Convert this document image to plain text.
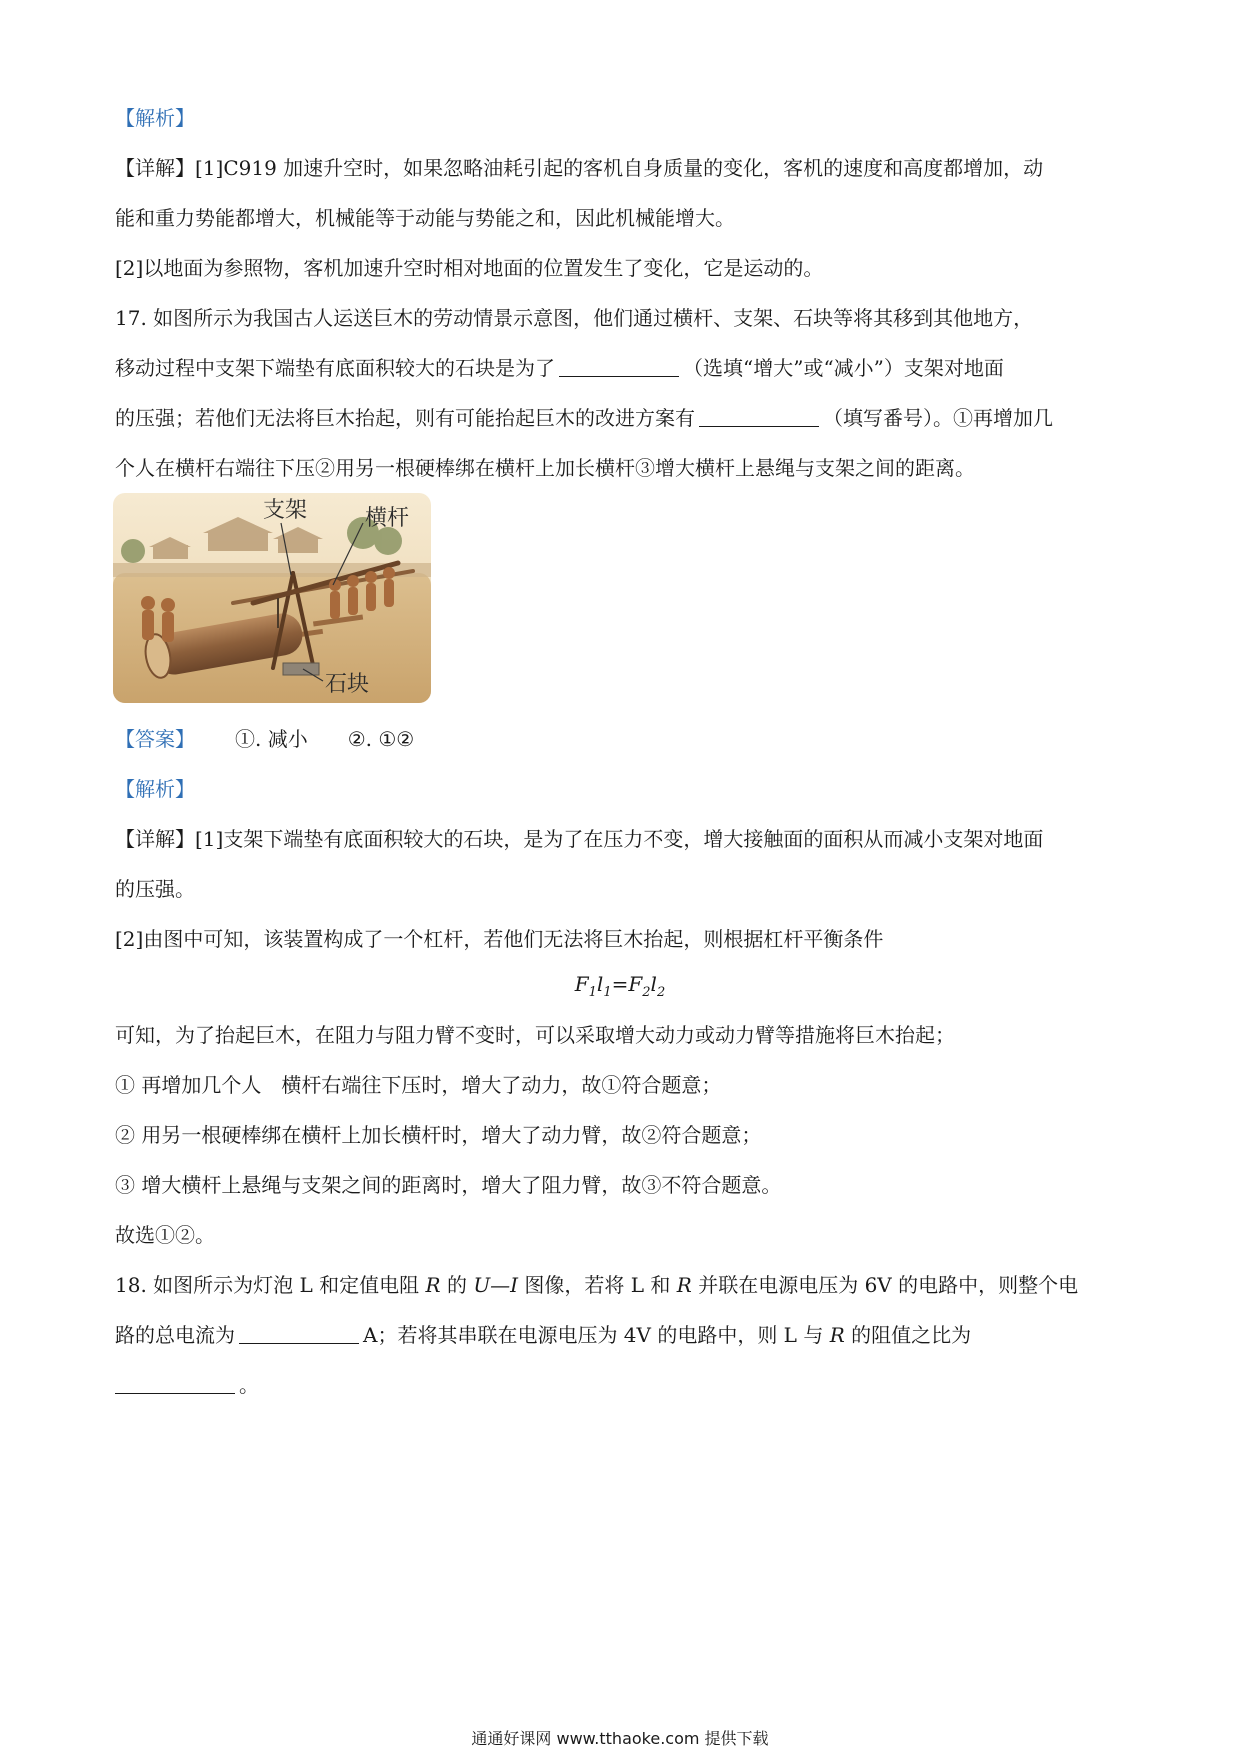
【解析】
【详解】[1]C919 加速升空时，如果忽略油耗引起的客机自身质量的变化，客机的速度和高度都增加，动
能和重力势能都增大，机械能等于动能与势能之和，因此机械能增大。
[2]以地面为参照物，客机加速升空时相对地面的位置发生了变化，它是运动的。
17. 如图所示为我国古人运送巨木的劳动情景示意图，他们通过横杆、支架、石块等将其移到其他地方，
移动过程中支架下端垫有底面积较大的石块是为了	（选填“增大”或“减小”）支架对地面
的压强；若他们无法将巨木抬起，则有可能抬起巨木的改进方案有	（填写番号）。①再增加几
个人在横杆右端往下压②用另一根硬棒绑在横杆上加长横杆③增大横杆上悬绳与支架之间的距离。
支架	横杆
石块
【答案】 ①. 减小 ②. ①②
【解析】
【详解】[1]支架下端垫有底面积较大的石块，是为了在压力不变，增大接触面的面积从而减小支架对地面
的压强。
[2]由图中可知，该装置构成了一个杠杆，若他们无法将巨木抬起，则根据杠杆平衡条件
$F_1l_1=F_2l_2$
可知，为了抬起巨木，在阻力与阻力臂不变时，可以采取增大动力或动力臂等措施将巨木抬起；
① 再增加几个人　横杆右端往下压时，增大了动力，故①符合题意；
② 用另一根硬棒绑在横杆上加长横杆时，增大了动力臂，故②符合题意；
③ 增大横杆上悬绳与支架之间的距离时，增大了阻力臂，故③不符合题意。
故选①②。
18. 如图所示为灯泡 L 和定值电阻 R 的 U—I 图像，若将 L 和 R 并联在电源电压为 6V 的电路中，则整个电
路的总电流为	A；若将其串联在电源电压为 4V 的电路中，则 L 与 R 的阻值之比为
。
通通好课网 www.tthaoke.com 提供下载
